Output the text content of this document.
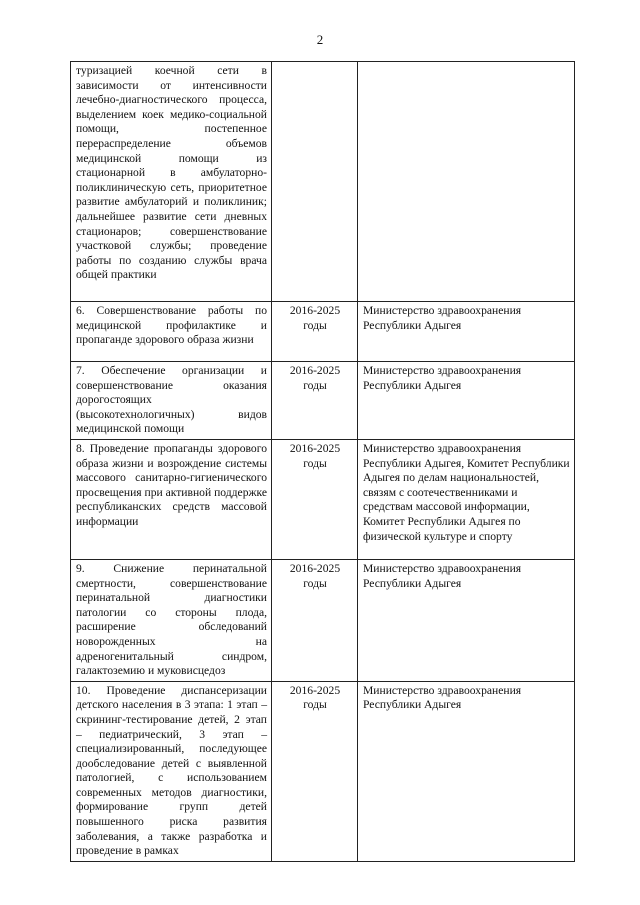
2
туризацией коечной сети в зависимости от интенсивности лечебно-диагностического процесса, выделением коек медико-социальной помощи, постепенное перераспределение объемов медицинской помощи из стационарной в амбулаторно-поликлиническую сеть, приоритетное развитие амбулаторий и поликлиник; дальнейшее развитие сети дневных стационаров; совершенствование участковой службы; проведение работы по созданию службы врача общей практики		
6. Совершенствование работы по медицинской профилактике и пропаганде здорового образа жизни	2016-2025 годы	Министерство здравоохранения Республики Адыгея
7. Обеспечение организации и совершенствование оказания дорогостоящих (высокотехнологичных) видов медицинской помощи	2016-2025 годы	Министерство здравоохранения Республики Адыгея
8. Проведение пропаганды здорового образа жизни и возрождение системы массового санитарно-гигиенического просвещения при активной поддержке республиканских средств массовой информации	2016-2025 годы	Министерство здравоохранения Республики Адыгея, Комитет Республики Адыгея по делам национальностей, связям с соотечественниками и средствам массовой информации, Комитет Республики Адыгея по физической культуре и спорту
9. Снижение перинатальной смертности, совершенствование перинатальной диагностики патологии со стороны плода, расширение обследований новорожденных на адреногенитальный синдром, галактоземию и муковисцедоз	2016-2025 годы	Министерство здравоохранения Республики Адыгея
10. Проведение диспансеризации детского населения в 3 этапа: 1 этап – скрининг-тестирование детей, 2 этап – педиатрический, 3 этап – специализированный, последующее дообследование детей с выявленной патологией, с использованием современных методов диагностики, формирование групп детей повышенного риска развития заболевания, а также разработка и проведение в рамках	2016-2025 годы	Министерство здравоохранения Республики Адыгея
